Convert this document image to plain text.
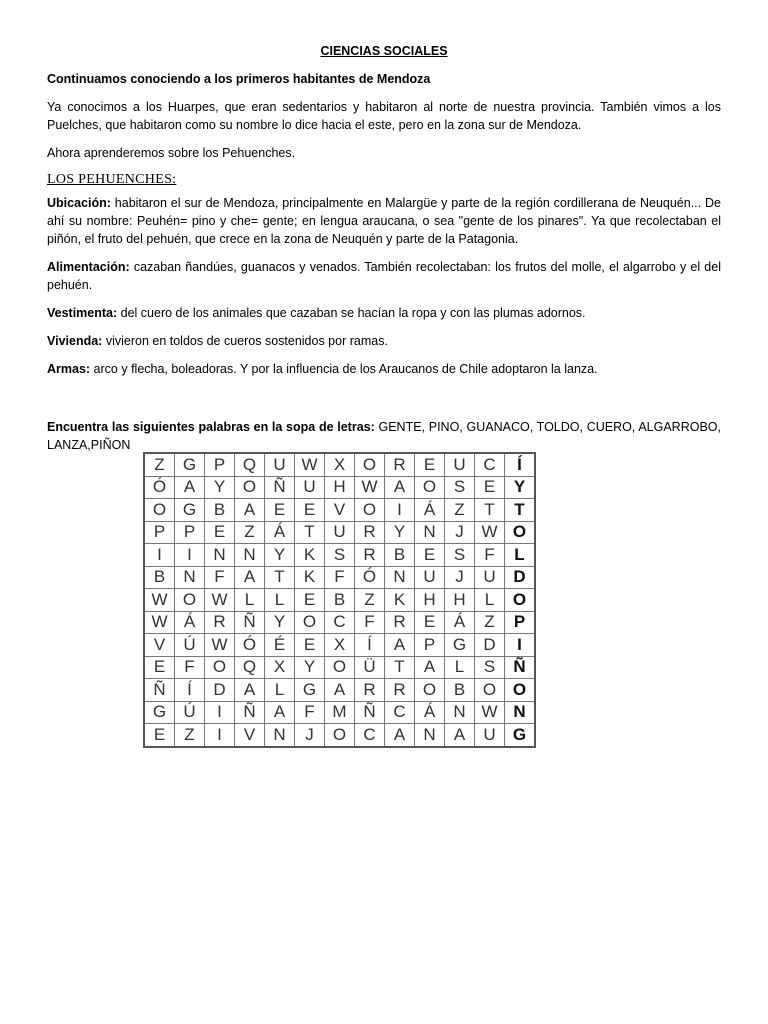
CIENCIAS SOCIALES

Continuamos conociendo a los primeros habitantes de Mendoza

Ya conocimos a los Huarpes, que eran sedentarios y habitaron al norte de nuestra provincia. También vimos a los Puelches, que habitaron como su nombre lo dice hacia el este, pero en la zona sur de Mendoza.

Ahora aprenderemos sobre los Pehuenches.

LOS PEHUENCHES:

Ubicación: habitaron el sur de Mendoza, principalmente en Malargüe y parte de la región cordillerana de Neuquén... De ahí su nombre: Peuhén= pino y che= gente; en lengua araucana, o sea "gente de los pinares". Ya que recolectaban el piñón, el fruto del pehuén, que crece en la zona de Neuquén y parte de la Patagonia.

Alimentación: cazaban ñandúes, guanacos y venados. También recolectaban: los frutos del molle, el algarrobo y el del pehuén.

Vestimenta: del cuero de los animales que cazaban se hacían la ropa y con las plumas adornos.

Vivienda: vivieron en toldos de cueros sostenidos por ramas.

Armas: arco y flecha, boleadoras. Y por la influencia de los Araucanos de Chile adoptaron la lanza.

Encuentra las siguientes palabras en la sopa de letras: GENTE, PINO, GUANACO, TOLDO, CUERO, ALGARROBO, LANZA,PIÑON

Z	G	P	Q	U	W	X	O	R	E	U	C	Í
Ó	A	Y	O	Ñ	U	H	W	A	O	S	E	Y
O	G	B	A	E	E	V	O	I	Á	Z	T	T
P	P	E	Z	Á	T	U	R	Y	N	J	W	O
I	I	N	N	Y	K	S	R	B	E	S	F	L
B	N	F	A	T	K	F	Ó	N	U	J	U	D
W	O	W	L	L	E	B	Z	K	H	H	L	O
W	Á	R	Ñ	Y	O	C	F	R	E	Á	Z	P
V	Ú	W	Ó	É	E	X	Í	A	P	G	D	I
E	F	O	Q	X	Y	O	Ü	T	A	L	S	Ñ
Ñ	Í	D	A	L	G	A	R	R	O	B	O	O
G	Ú	I	Ñ	A	F	M	Ñ	C	Á	N	W	N
E	Z	I	V	N	J	O	C	A	N	A	U	G
